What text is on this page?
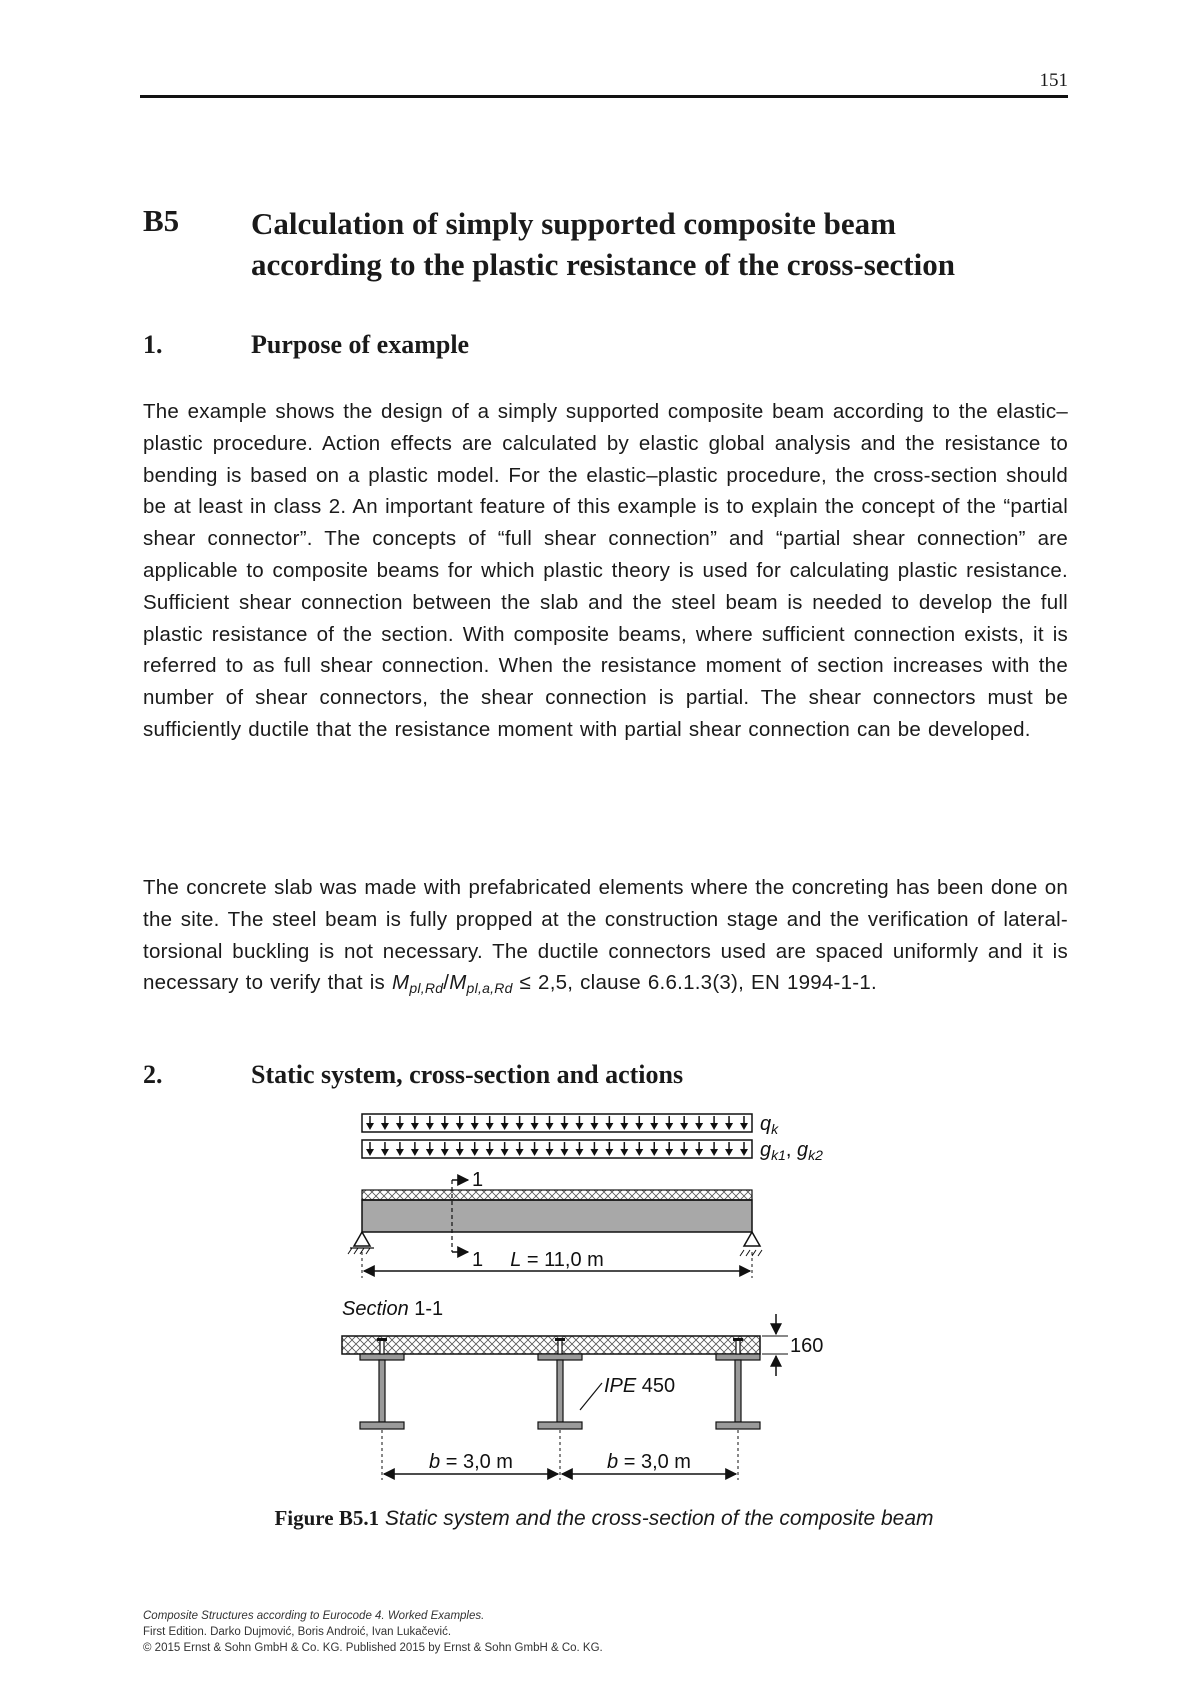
151
B5 Calculation of simply supported composite beam
according to the plastic resistance of the cross-section
1.	Purpose of example
The example shows the design of a simply supported composite beam according to the elastic–plastic procedure. Action effects are calculated by elastic global analysis and the resistance to bending is based on a plastic model. For the elastic–plastic procedure, the cross-section should be at least in class 2. An important feature of this example is to explain the concept of the “partial shear connector”. The concepts of “full shear connection” and “partial shear connection” are applicable to composite beams for which plastic theory is used for calculating plastic resistance. Sufficient shear connection between the slab and the steel beam is needed to develop the full plastic resistance of the section. With composite beams, where sufficient connection exists, it is referred to as full shear connection. When the resistance moment of section increases with the number of shear connectors, the shear connection is partial. The shear connectors must be sufficiently ductile that the resistance moment with partial shear connection can be developed.
The concrete slab was made with prefabricated elements where the concreting has been done on the site. The steel beam is fully propped at the construction stage and the verification of lateral-torsional buckling is not necessary. The ductile connectors used are spaced uniformly and it is necessary to verify that is $M_{pl,Rd}/M_{pl,a,Rd} \le 2,5$, clause 6.6.1.3(3), EN 1994-1-1.
2.	Static system, cross-section and actions
$q_k$
$g_{k1}$, $g_{k2}$
1
1 L = 11,0 m
Section 1-1
160
IPE 450
b = 3,0 m	b = 3,0 m
Figure B5.1 Static system and the cross-section of the composite beam
Composite Structures according to Eurocode 4. Worked Examples.
First Edition. Darko Dujmović, Boris Androić, Ivan Lukačević.
© 2015 Ernst & Sohn GmbH & Co. KG. Published 2015 by Ernst & Sohn GmbH & Co. KG.
